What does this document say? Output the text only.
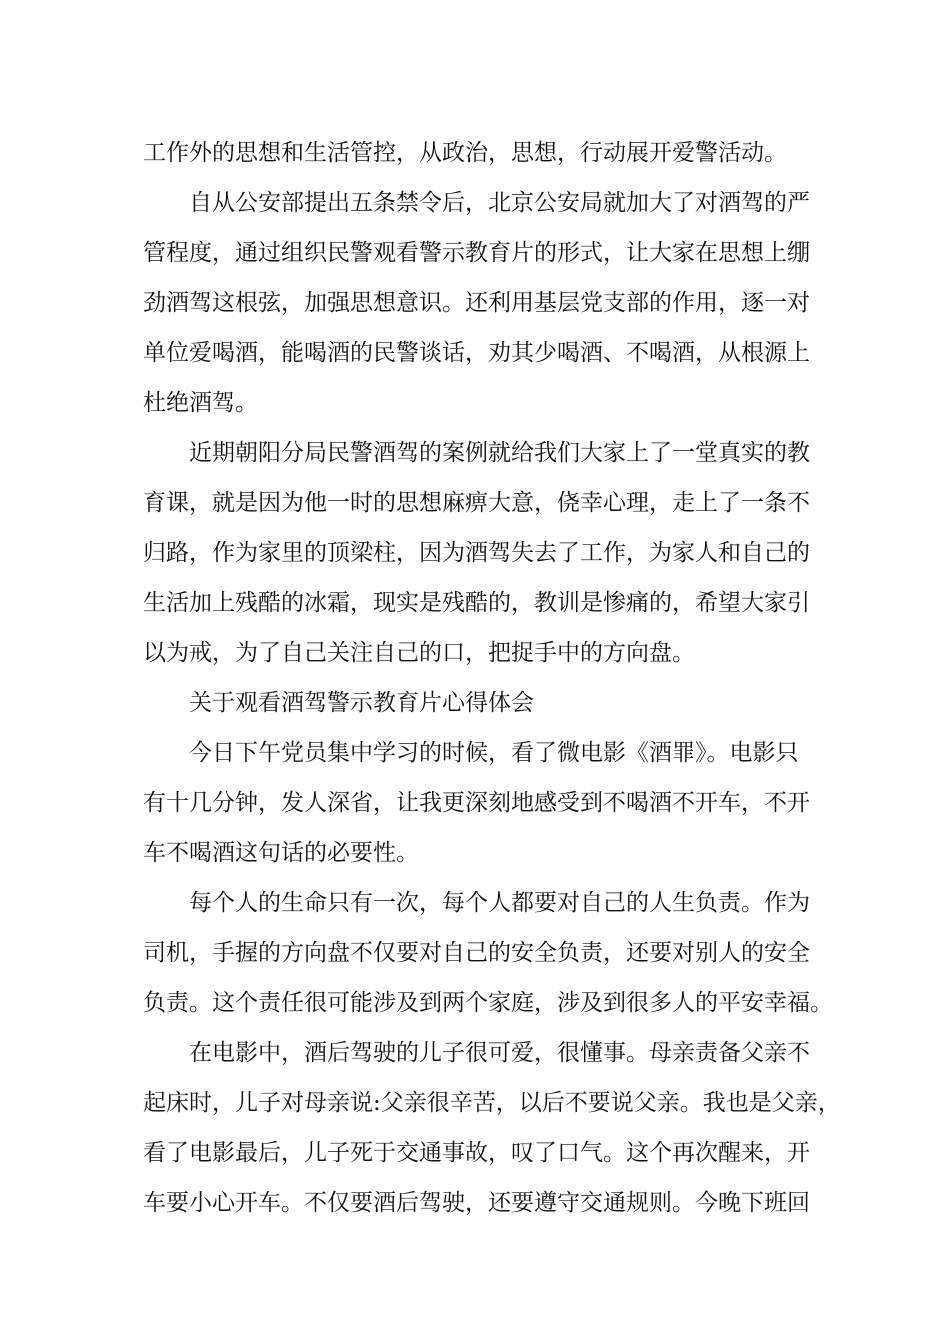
工作外的思想和生活管控，从政治，思想，行动展开爱警活动。
自从公安部提出五条禁令后，北京公安局就加大了对酒驾的严
管程度，通过组织民警观看警示教育片的形式，让大家在思想上绷
劲酒驾这根弦，加强思想意识。还利用基层党支部的作用，逐一对
单位爱喝酒，能喝酒的民警谈话，劝其少喝酒、不喝酒，从根源上
杜绝酒驾。
近期朝阳分局民警酒驾的案例就给我们大家上了一堂真实的教
育课，就是因为他一时的思想麻痹大意，侥幸心理，走上了一条不
归路，作为家里的顶梁柱，因为酒驾失去了工作，为家人和自己的
生活加上残酷的冰霜，现实是残酷的，教训是惨痛的，希望大家引
以为戒，为了自己关注自己的口，把捉手中的方向盘。
关于观看酒驾警示教育片心得体会
今日下午党员集中学习的时候，看了微电影《酒罪》。电影只
有十几分钟，发人深省，让我更深刻地感受到不喝酒不开车，不开
车不喝酒这句话的必要性。
每个人的生命只有一次，每个人都要对自己的人生负责。作为
司机，手握的方向盘不仅要对自己的安全负责，还要对别人的安全
负责。这个责任很可能涉及到两个家庭，涉及到很多人的平安幸福。
在电影中，酒后驾驶的儿子很可爱，很懂事。母亲责备父亲不
起床时，儿子对母亲说:父亲很辛苦，以后不要说父亲。我也是父亲，
看了电影最后，儿子死于交通事故，叹了口气。这个再次醒来，开
车要小心开车。不仅要酒后驾驶，还要遵守交通规则。今晚下班回
